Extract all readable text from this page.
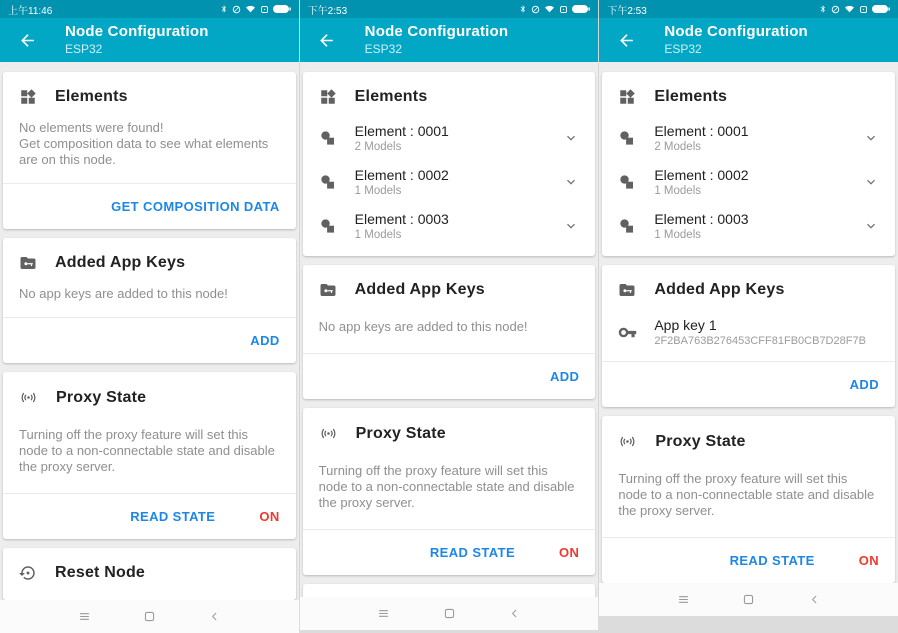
上午11:46
Node Configuration
ESP32
Elements
No elements were found!
Get composition data to see what elements are on this node.
GET COMPOSITION DATA
Added App Keys
No app keys are added to this node!
ADD
Proxy State
Turning off the proxy feature will set this node to a non-connectable state and disable the proxy server.
READ STATE	ON
Reset Node
下午2:53
Node Configuration
ESP32
Elements
Element : 0001
2 Models
Element : 0002
1 Models
Element : 0003
1 Models
Added App Keys
No app keys are added to this node!
ADD
Proxy State
Turning off the proxy feature will set this node to a non-connectable state and disable the proxy server.
READ STATE	ON
下午2:53
Node Configuration
ESP32
Elements
Element : 0001
2 Models
Element : 0002
1 Models
Element : 0003
1 Models
Added App Keys
App key 1
2F2BA763B276453CFF81FB0CB7D28F7B
ADD
Proxy State
Turning off the proxy feature will set this node to a non-connectable state and disable the proxy server.
READ STATE	ON
